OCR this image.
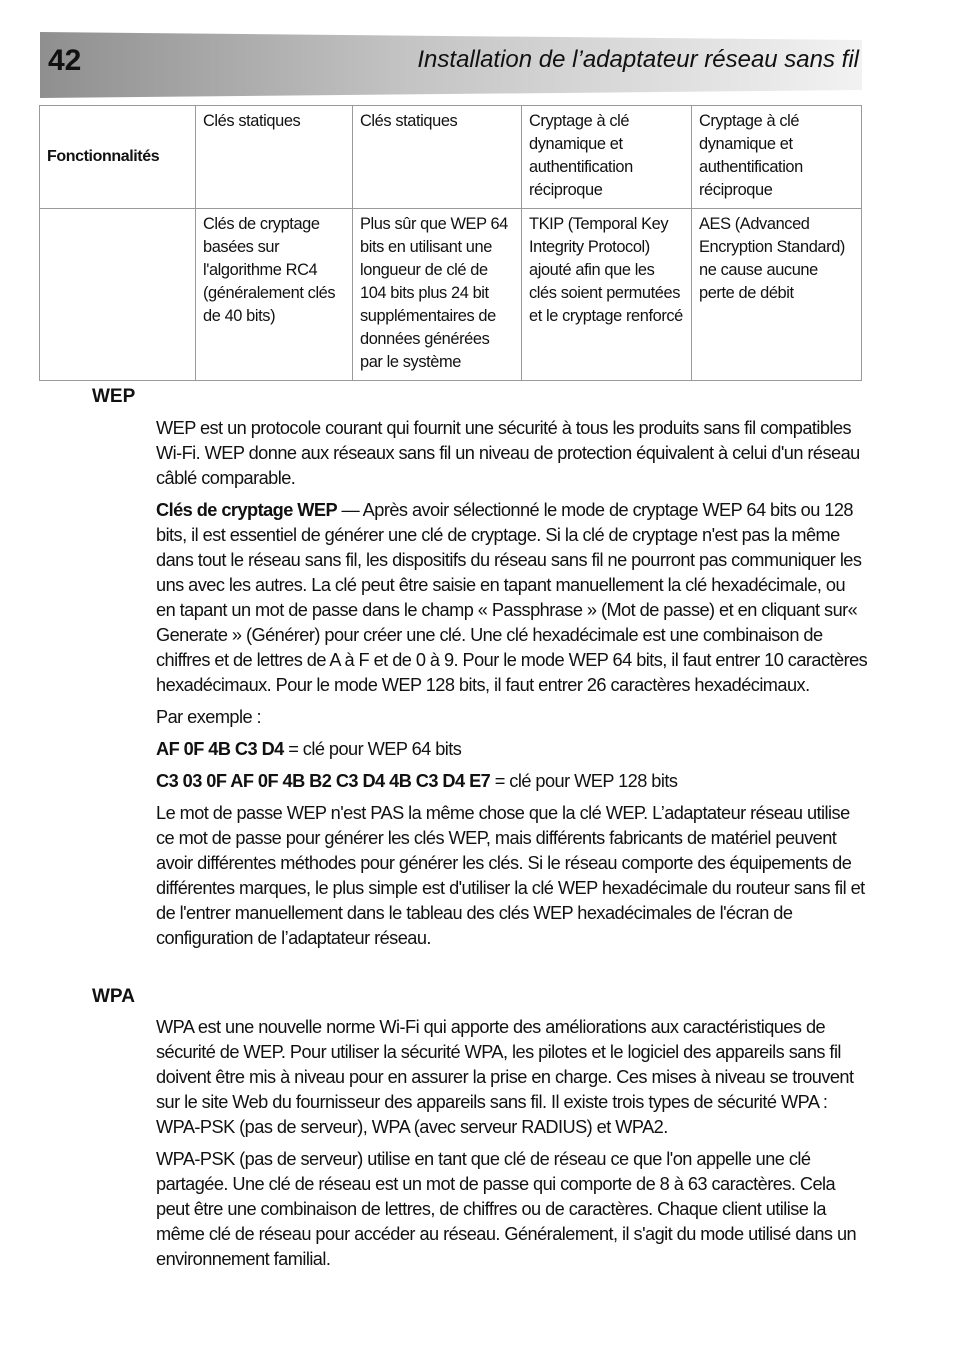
42	Installation de l’adaptateur réseau sans fil
Fonctionnalités	Clés statiques	Clés statiques	Cryptage à clé dynamique et authentification réciproque	Cryptage à clé dynamique et authentification réciproque
	Clés de cryptage basées sur l'algorithme RC4 (généralement clés de 40 bits)	Plus sûr que WEP 64 bits en utilisant une longueur de clé de 104 bits plus 24 bit supplémentaires de données générées par le système	TKIP (Temporal Key Integrity Protocol) ajouté afin que les clés soient permutées et le cryptage renforcé	AES (Advanced Encryption Standard) ne cause aucune perte de débit
WEP

WEP est un protocole courant qui fournit une sécurité à tous les produits sans fil compatibles Wi-Fi. WEP donne aux réseaux sans fil un niveau de protection équivalent à celui d'un réseau câblé comparable.

Clés de cryptage WEP — Après avoir sélectionné le mode de cryptage WEP 64 bits ou 128 bits, il est essentiel de générer une clé de cryptage. Si la clé de cryptage n'est pas la même dans tout le réseau sans fil, les dispositifs du réseau sans fil ne pourront pas communiquer les uns avec les autres. La clé peut être saisie en tapant manuellement la clé hexadécimale, ou en tapant un mot de passe dans le champ « Passphrase » (Mot de passe) et en cliquant sur« Generate » (Générer) pour créer une clé. Une clé hexadécimale est une combinaison de chiffres et de lettres de A à F et de 0 à 9. Pour le mode WEP 64 bits, il faut entrer 10 caractères hexadécimaux. Pour le mode WEP 128 bits, il faut entrer 26 caractères hexadécimaux.

Par exemple :

AF 0F 4B C3 D4 = clé pour WEP 64 bits

C3 03 0F AF 0F 4B B2 C3 D4 4B C3 D4 E7 = clé pour WEP 128 bits

Le mot de passe WEP n'est PAS la même chose que la clé WEP. L’adaptateur réseau utilise ce mot de passe pour générer les clés WEP, mais différents fabricants de matériel peuvent avoir différentes méthodes pour générer les clés. Si le réseau comporte des équipements de différentes marques, le plus simple est d'utiliser la clé WEP hexadécimale du routeur sans fil et de l'entrer manuellement dans le tableau des clés WEP hexadécimales de l'écran de configuration de l’adaptateur réseau.

WPA

WPA est une nouvelle norme Wi-Fi qui apporte des améliorations aux caractéristiques de sécurité de WEP. Pour utiliser la sécurité WPA, les pilotes et le logiciel des appareils sans fil doivent être mis à niveau pour en assurer la prise en charge. Ces mises à niveau se trouvent sur le site Web du fournisseur des appareils sans fil. Il existe trois types de sécurité WPA : WPA-PSK (pas de serveur), WPA (avec serveur RADIUS) et WPA2.

WPA-PSK (pas de serveur) utilise en tant que clé de réseau ce que l'on appelle une clé partagée. Une clé de réseau est un mot de passe qui comporte de 8 à 63 caractères. Cela peut être une combinaison de lettres, de chiffres ou de caractères. Chaque client utilise la même clé de réseau pour accéder au réseau. Généralement, il s'agit du mode utilisé dans un environnement familial.
